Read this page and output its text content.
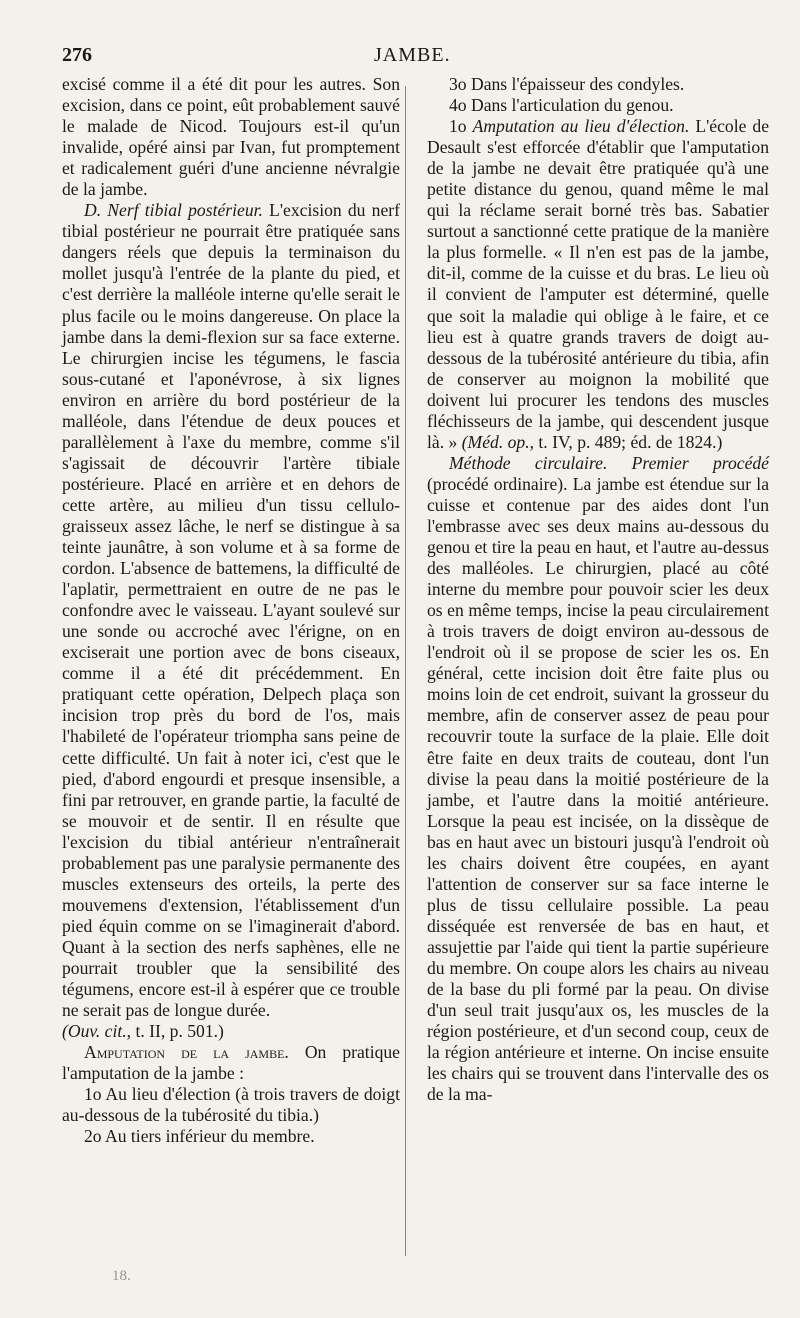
276	JAMBE.

excisé comme il a été dit pour les autres. Son excision, dans ce point, eût probablement sauvé le malade de Nicod. Toujours est-il qu'un invalide, opéré ainsi par Ivan, fut promptement et radicalement guéri d'une ancienne névralgie de la jambe.

D. Nerf tibial postérieur. L'excision du nerf tibial postérieur ne pourrait être pratiquée sans dangers réels que depuis la terminaison du mollet jusqu'à l'entrée de la plante du pied, et c'est derrière la malléole interne qu'elle serait le plus facile ou le moins dangereuse. On place la jambe dans la demi-flexion sur sa face externe. Le chirurgien incise les tégumens, le fascia sous-cutané et l'aponévrose, à six lignes environ en arrière du bord postérieur de la malléole, dans l'étendue de deux pouces et parallèlement à l'axe du membre, comme s'il s'agissait de découvrir l'artère tibiale postérieure. Placé en arrière et en dehors de cette artère, au milieu d'un tissu cellulo-graisseux assez lâche, le nerf se distingue à sa teinte jaunâtre, à son volume et à sa forme de cordon. L'absence de battemens, la difficulté de l'aplatir, permettraient en outre de ne pas le confondre avec le vaisseau. L'ayant soulevé sur une sonde ou accroché avec l'érigne, on en exciserait une portion avec de bons ciseaux, comme il a été dit précédemment. En pratiquant cette opération, Delpech plaça son incision trop près du bord de l'os, mais l'habileté de l'opérateur triompha sans peine de cette difficulté. Un fait à noter ici, c'est que le pied, d'abord engourdi et presque insensible, a fini par retrouver, en grande partie, la faculté de se mouvoir et de sentir. Il en résulte que l'excision du tibial antérieur n'entraînerait probablement pas une paralysie permanente des muscles extenseurs des orteils, la perte des mouvemens d'extension, l'établissement d'un pied équin comme on se l'imaginerait d'abord. Quant à la section des nerfs saphènes, elle ne pourrait troubler que la sensibilité des tégumens, encore est-il à espérer que ce trouble ne serait pas de longue durée.
(Ouv. cit., t. II, p. 501.)

Amputation de la jambe. On pratique l'amputation de la jambe :

1o Au lieu d'élection (à trois travers de doigt au-dessous de la tubérosité du tibia.)

2o Au tiers inférieur du membre.

3o Dans l'épaisseur des condyles.

4o Dans l'articulation du genou.

1o Amputation au lieu d'élection. L'école de Desault s'est efforcée d'établir que l'amputation de la jambe ne devait être pratiquée qu'à une petite distance du genou, quand même le mal qui la réclame serait borné très bas. Sabatier surtout a sanctionné cette pratique de la manière la plus formelle. « Il n'en est pas de la jambe, dit-il, comme de la cuisse et du bras. Le lieu où il convient de l'amputer est déterminé, quelle que soit la maladie qui oblige à le faire, et ce lieu est à quatre grands travers de doigt au-dessous de la tubérosité antérieure du tibia, afin de conserver au moignon la mobilité que doivent lui procurer les tendons des muscles fléchisseurs de la jambe, qui descendent jusque là. » (Méd. op., t. IV, p. 489; éd. de 1824.)

Méthode circulaire. Premier procédé (procédé ordinaire). La jambe est étendue sur la cuisse et contenue par des aides dont l'un l'embrasse avec ses deux mains au-dessous du genou et tire la peau en haut, et l'autre au-dessus des malléoles. Le chirurgien, placé au côté interne du membre pour pouvoir scier les deux os en même temps, incise la peau circulairement à trois travers de doigt environ au-dessous de l'endroit où il se propose de scier les os. En général, cette incision doit être faite plus ou moins loin de cet endroit, suivant la grosseur du membre, afin de conserver assez de peau pour recouvrir toute la surface de la plaie. Elle doit être faite en deux traits de couteau, dont l'un divise la peau dans la moitié postérieure de la jambe, et l'autre dans la moitié antérieure. Lorsque la peau est incisée, on la dissèque de bas en haut avec un bistouri jusqu'à l'endroit où les chairs doivent être coupées, en ayant l'attention de conserver sur sa face interne le plus de tissu cellulaire possible. La peau disséquée est renversée de bas en haut, et assujettie par l'aide qui tient la partie supérieure du membre. On coupe alors les chairs au niveau de la base du pli formé par la peau. On divise d'un seul trait jusqu'aux os, les muscles de la région postérieure, et d'un second coup, ceux de la région antérieure et interne. On incise ensuite les chairs qui se trouvent dans l'intervalle des os de la ma-

18.
